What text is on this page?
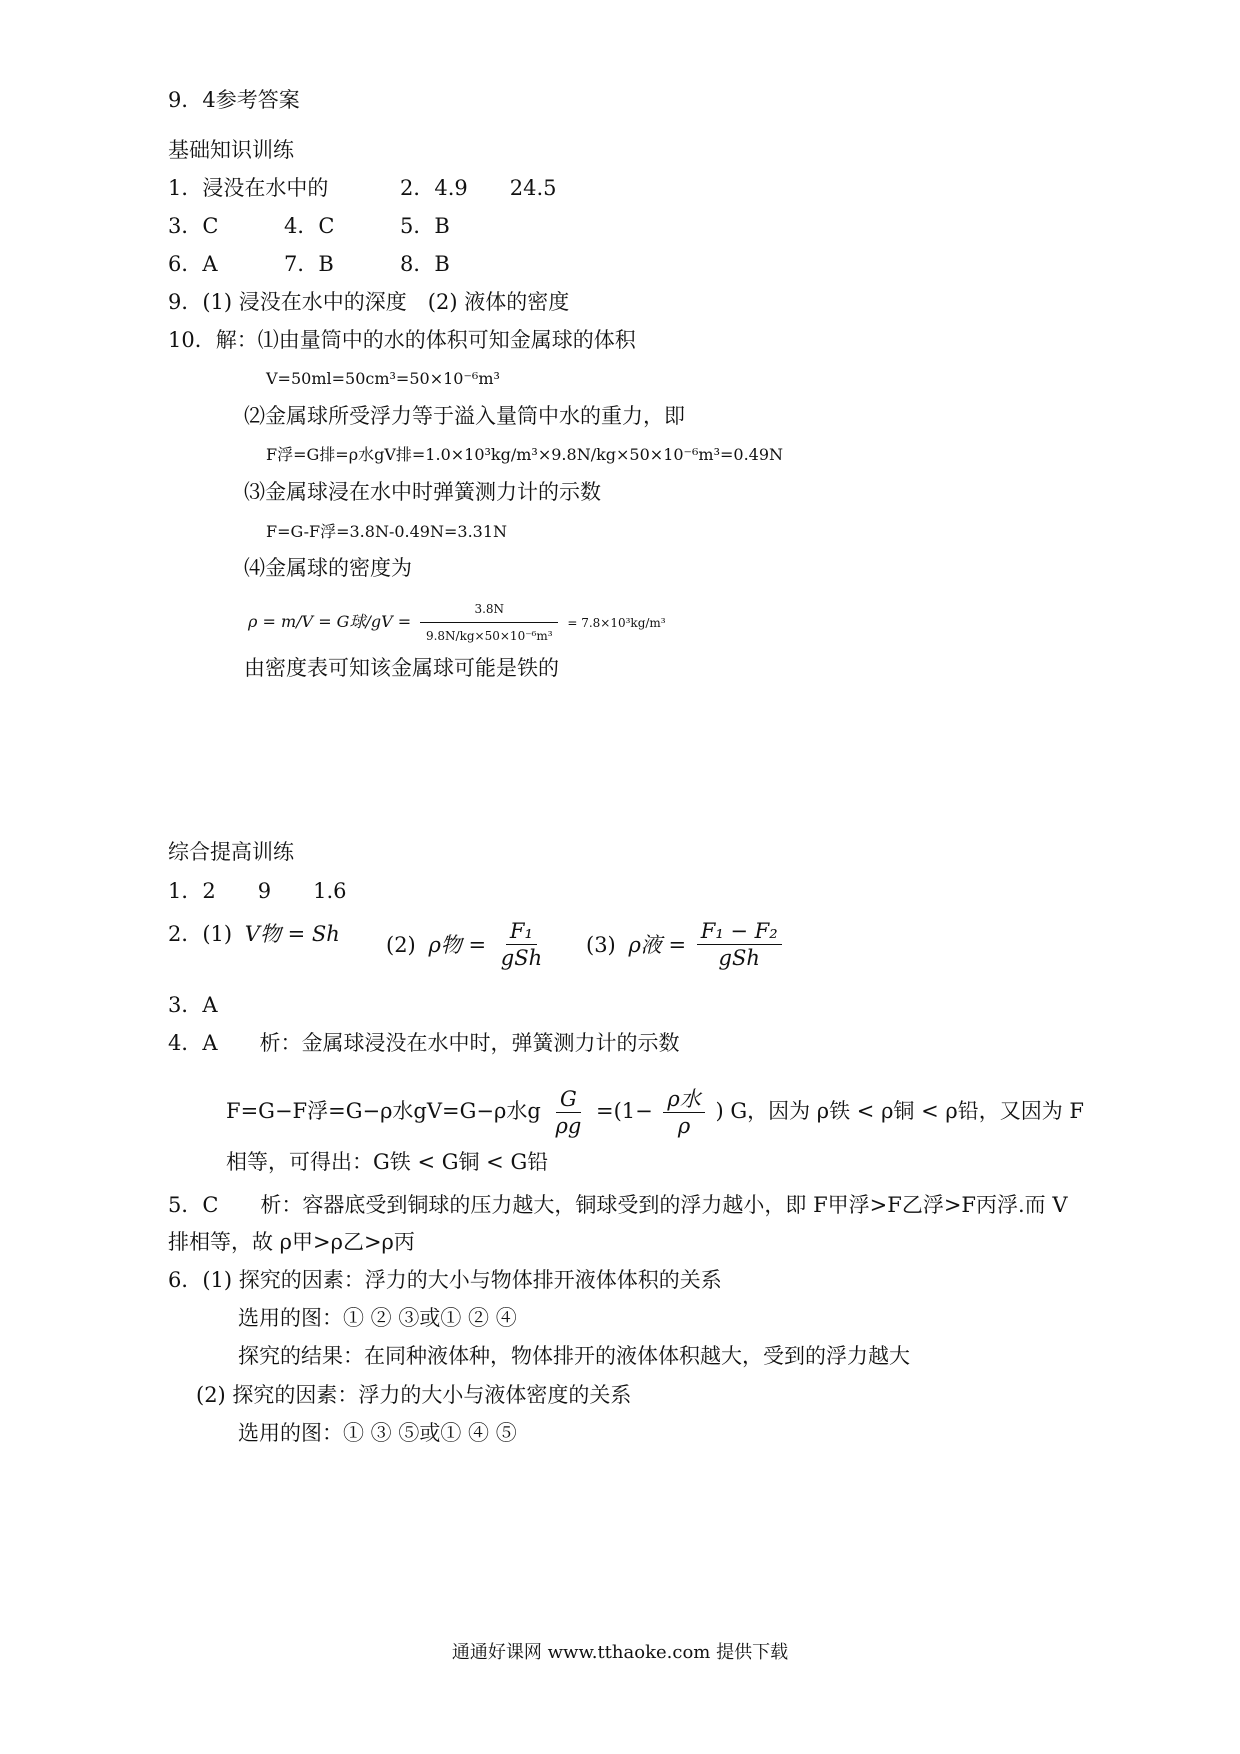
9．4参考答案
基础知识训练
1．浸没在水中的	2．4.9　　24.5
3．C	4．C	5．B
6．A	7．B	8．B
9．(1) 浸没在水中的深度　(2) 液体的密度
10．解：⑴由量筒中的水的体积可知金属球的体积
V=50ml=50cm³=50×10⁻⁶m³
⑵金属球所受浮力等于溢入量筒中水的重力，即
F浮=G排=ρ水gV排=1.0×10³kg/m³×9.8N/kg×50×10⁻⁶m³=0.49N
⑶金属球浸在水中时弹簧测力计的示数
F=G-F浮=3.8N-0.49N=3.31N
⑷金属球的密度为
ρ = m/V = G球$/gV = \frac{3.8N}{\text{9.8N/kg×50×10⁻⁶m³}} = 7.8\times 10^3kg/m^3$
由密度表可知该金属球可能是铁的
综合提高训练
1．2　　9　　1.6
2．(1) V物 = Sh (2) ρ物 = $\frac{\text{F₁}}{\text{gSh}} (3)$ ρ液 = $\frac{\text{F₁ − F₂}}{\text{gSh}}$
3．A
4．A　　析：金属球浸没在水中时，弹簧测力计的示数
F=G−F浮=G−ρ水gV=G−ρ水g $\frac{G}{\rho g} =(1- \frac{\text{ρ水}}{\rho}$ ) G，因为 ρ铁 < ρ铜 < ρ铅，又因为 F
相等，可得出：G铁 < G铜 < G铅
5．C　　析：容器底受到铜球的压力越大，铜球受到的浮力越小，即 F甲浮>F乙浮>F丙浮.而 V
排相等，故 ρ甲>ρ乙>ρ丙
6．(1) 探究的因素：浮力的大小与物体排开液体体积的关系
选用的图：① ② ③或① ② ④
探究的结果：在同种液体种，物体排开的液体体积越大，受到的浮力越大
(2) 探究的因素：浮力的大小与液体密度的关系
选用的图：① ③ ⑤或① ④ ⑤
通通好课网 www.tthaoke.com 提供下载
